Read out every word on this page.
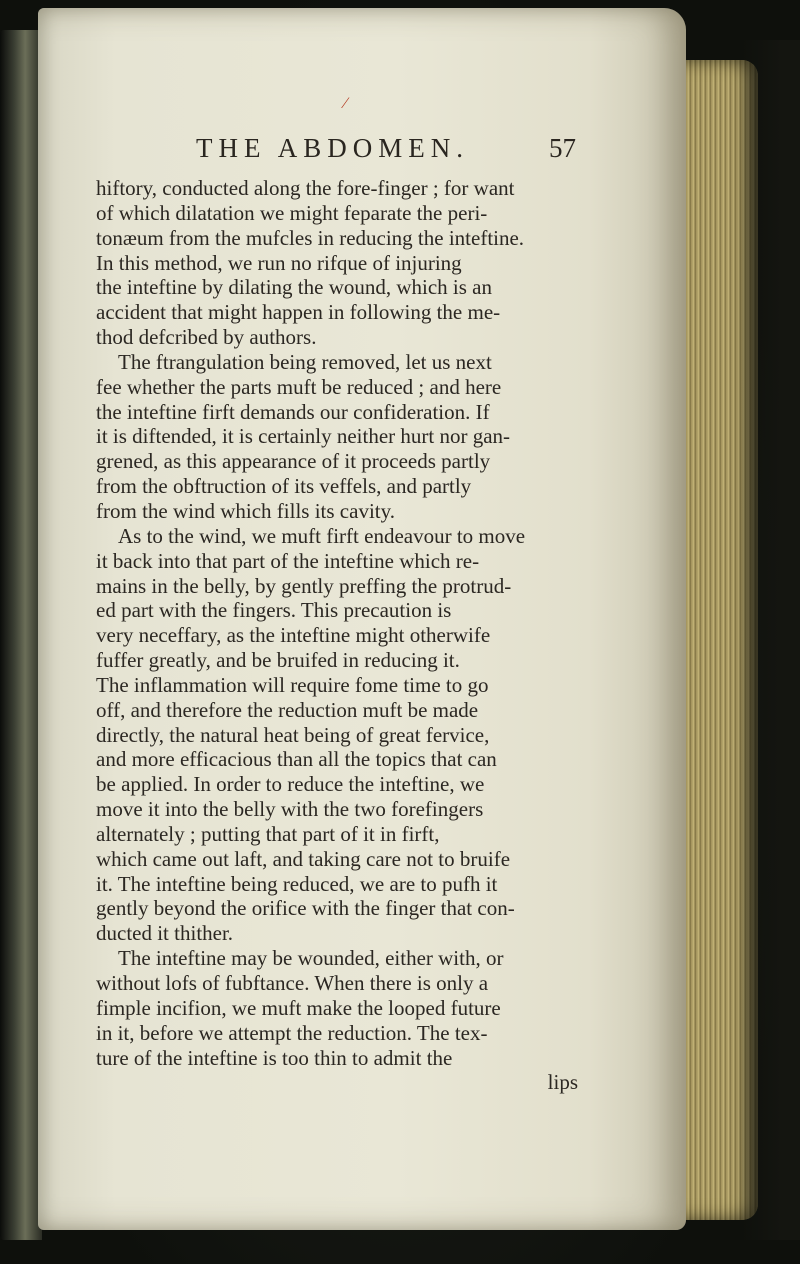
∕
THE ABDOMEN.	57
hiftory, conducted along the fore-finger ; for want
of which dilatation we might feparate the peri-
tonæum from the mufcles in reducing the inteftine.
In this method, we run no rifque of injuring
the inteftine by dilating the wound, which is an
accident that might happen in following the me-
thod defcribed by authors.
The ftrangulation being removed, let us next
fee whether the parts muft be reduced ; and here
the inteftine firft demands our confideration. If
it is diftended, it is certainly neither hurt nor gan-
grened, as this appearance of it proceeds partly
from the obftruction of its veffels, and partly
from the wind which fills its cavity.
As to the wind, we muft firft endeavour to move
it back into that part of the inteftine which re-
mains in the belly, by gently preffing the protrud-
ed part with the fingers. This precaution is
very neceffary, as the inteftine might otherwife
fuffer greatly, and be bruifed in reducing it.
The inflammation will require fome time to go
off, and therefore the reduction muft be made
directly, the natural heat being of great fervice,
and more efficacious than all the topics that can
be applied. In order to reduce the inteftine, we
move it into the belly with the two forefingers
alternately ; putting that part of it in firft,
which came out laft, and taking care not to bruife
it. The inteftine being reduced, we are to pufh it
gently beyond the orifice with the finger that con-
ducted it thither.
The inteftine may be wounded, either with, or
without lofs of fubftance. When there is only a
fimple incifion, we muft make the looped future
in it, before we attempt the reduction. The tex-
ture of the inteftine is too thin to admit the
lips
